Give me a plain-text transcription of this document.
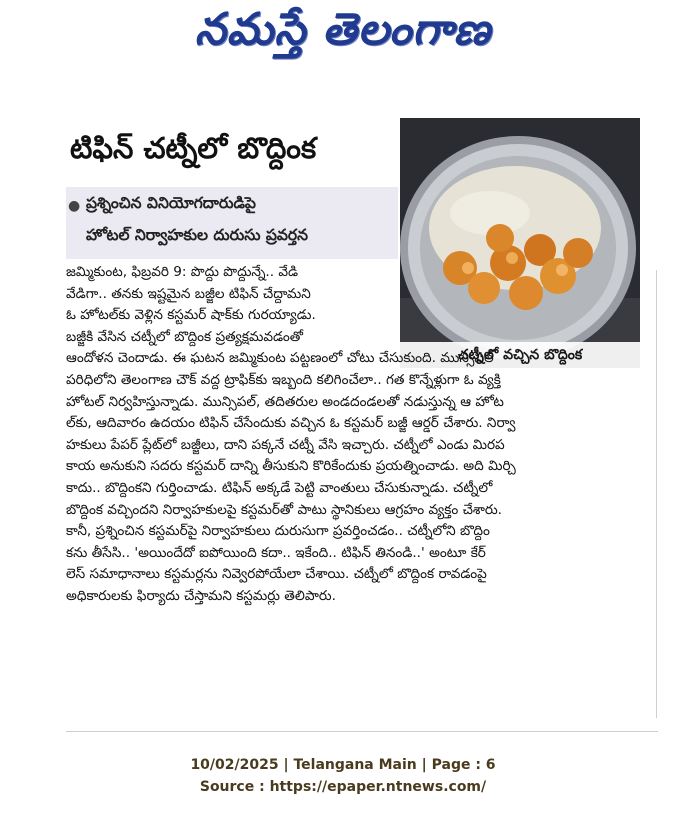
నమస్తే తెలంగాణ
టిఫిన్ చట్నీలో బొద్దింక
● ప్రశ్నించిన వినియోగదారుడిపై
హోటల్ నిర్వాహకుల దురుసు ప్రవర్తన
చట్నీలో వచ్చిన బొద్దింక
జమ్మికుంట, ఫిబ్రవరి 9: పొద్దు పొద్దున్నే.. వేడి
వేడిగా.. తనకు ఇష్టమైన బజ్జీల టిఫిన్ చేద్దామని
ఓ హోటల్‌కు వెళ్లిన కస్టమర్ షాక్‌కు గురయ్యాడు.
బజ్జీకి వేసిన చట్నీలో బొద్దింక ప్రత్యక్షమవడంతో
ఆందోళన చెందాడు. ఈ ఘటన జమ్మికుంట పట్టణంలో చోటు చేసుకుంది. మున్సిపల్
పరిధిలోని తెలంగాణ చౌక్ వద్ద ట్రాఫిక్‌కు ఇబ్బంది కలిగించేలా.. గత కొన్నేళ్లుగా ఓ వ్యక్తి
హోటల్ నిర్వహిస్తున్నాడు. మున్సిపల్, తదితరుల అండదండలతో నడుస్తున్న ఆ హోట
ల్‌కు, ఆదివారం ఉదయం టిఫిన్ చేసేందుకు వచ్చిన ఓ కస్టమర్ బజ్జీ ఆర్డర్ చేశారు. నిర్వా
హకులు పేపర్ ప్లేట్‌లో బజ్జీలు, దాని పక్కనే చట్నీ వేసి ఇచ్చారు. చట్నీలో ఎండు మిరప
కాయ అనుకుని సదరు కస్టమర్ దాన్ని తీసుకుని కొరికేందుకు ప్రయత్నించాడు. అది మిర్చి
కాదు.. బొద్దింకని గుర్తించాడు. టిఫిన్ అక్కడే పెట్టి వాంతులు చేసుకున్నాడు. చట్నీలో
బొద్దింక వచ్చిందని నిర్వాహకులపై కస్టమర్‌తో పాటు స్థానికులు ఆగ్రహం వ్యక్తం చేశారు.
కానీ, ప్రశ్నించిన కస్టమర్‌పై నిర్వాహకులు దురుసుగా ప్రవర్తించడం.. చట్నీలోని బొద్దిం
కను తీసేసి.. 'అయిందేదో ఐపోయింది కదా.. ఇకేంది.. టిఫిన్ తినండి..' అంటూ కేర్
లెస్ సమాధానాలు కస్టమర్లను నివ్వెరపోయేలా చేశాయి. చట్నీలో బొద్దింక రావడంపై
అధికారులకు ఫిర్యాదు చేస్తామని కస్టమర్లు తెలిపారు.
10/02/2025 | Telangana Main | Page : 6
Source : https://epaper.ntnews.com/
